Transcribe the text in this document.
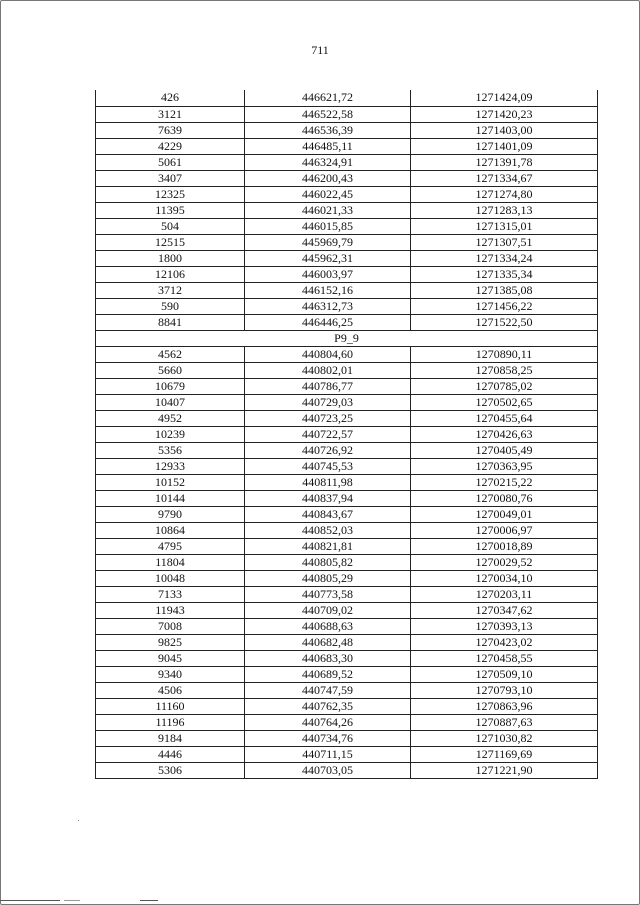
711
426	446621,72	1271424,09
3121	446522,58	1271420,23
7639	446536,39	1271403,00
4229	446485,11	1271401,09
5061	446324,91	1271391,78
3407	446200,43	1271334,67
12325	446022,45	1271274,80
11395	446021,33	1271283,13
504	446015,85	1271315,01
12515	445969,79	1271307,51
1800	445962,31	1271334,24
12106	446003,97	1271335,34
3712	446152,16	1271385,08
590	446312,73	1271456,22
8841	446446,25	1271522,50
Р9_9		
4562	440804,60	1270890,11
5660	440802,01	1270858,25
10679	440786,77	1270785,02
10407	440729,03	1270502,65
4952	440723,25	1270455,64
10239	440722,57	1270426,63
5356	440726,92	1270405,49
12933	440745,53	1270363,95
10152	440811,98	1270215,22
10144	440837,94	1270080,76
9790	440843,67	1270049,01
10864	440852,03	1270006,97
4795	440821,81	1270018,89
11804	440805,82	1270029,52
10048	440805,29	1270034,10
7133	440773,58	1270203,11
11943	440709,02	1270347,62
7008	440688,63	1270393,13
9825	440682,48	1270423,02
9045	440683,30	1270458,55
9340	440689,52	1270509,10
4506	440747,59	1270793,10
11160	440762,35	1270863,96
11196	440764,26	1270887,63
9184	440734,76	1271030,82
4446	440711,15	1271169,69
5306	440703,05	1271221,90
